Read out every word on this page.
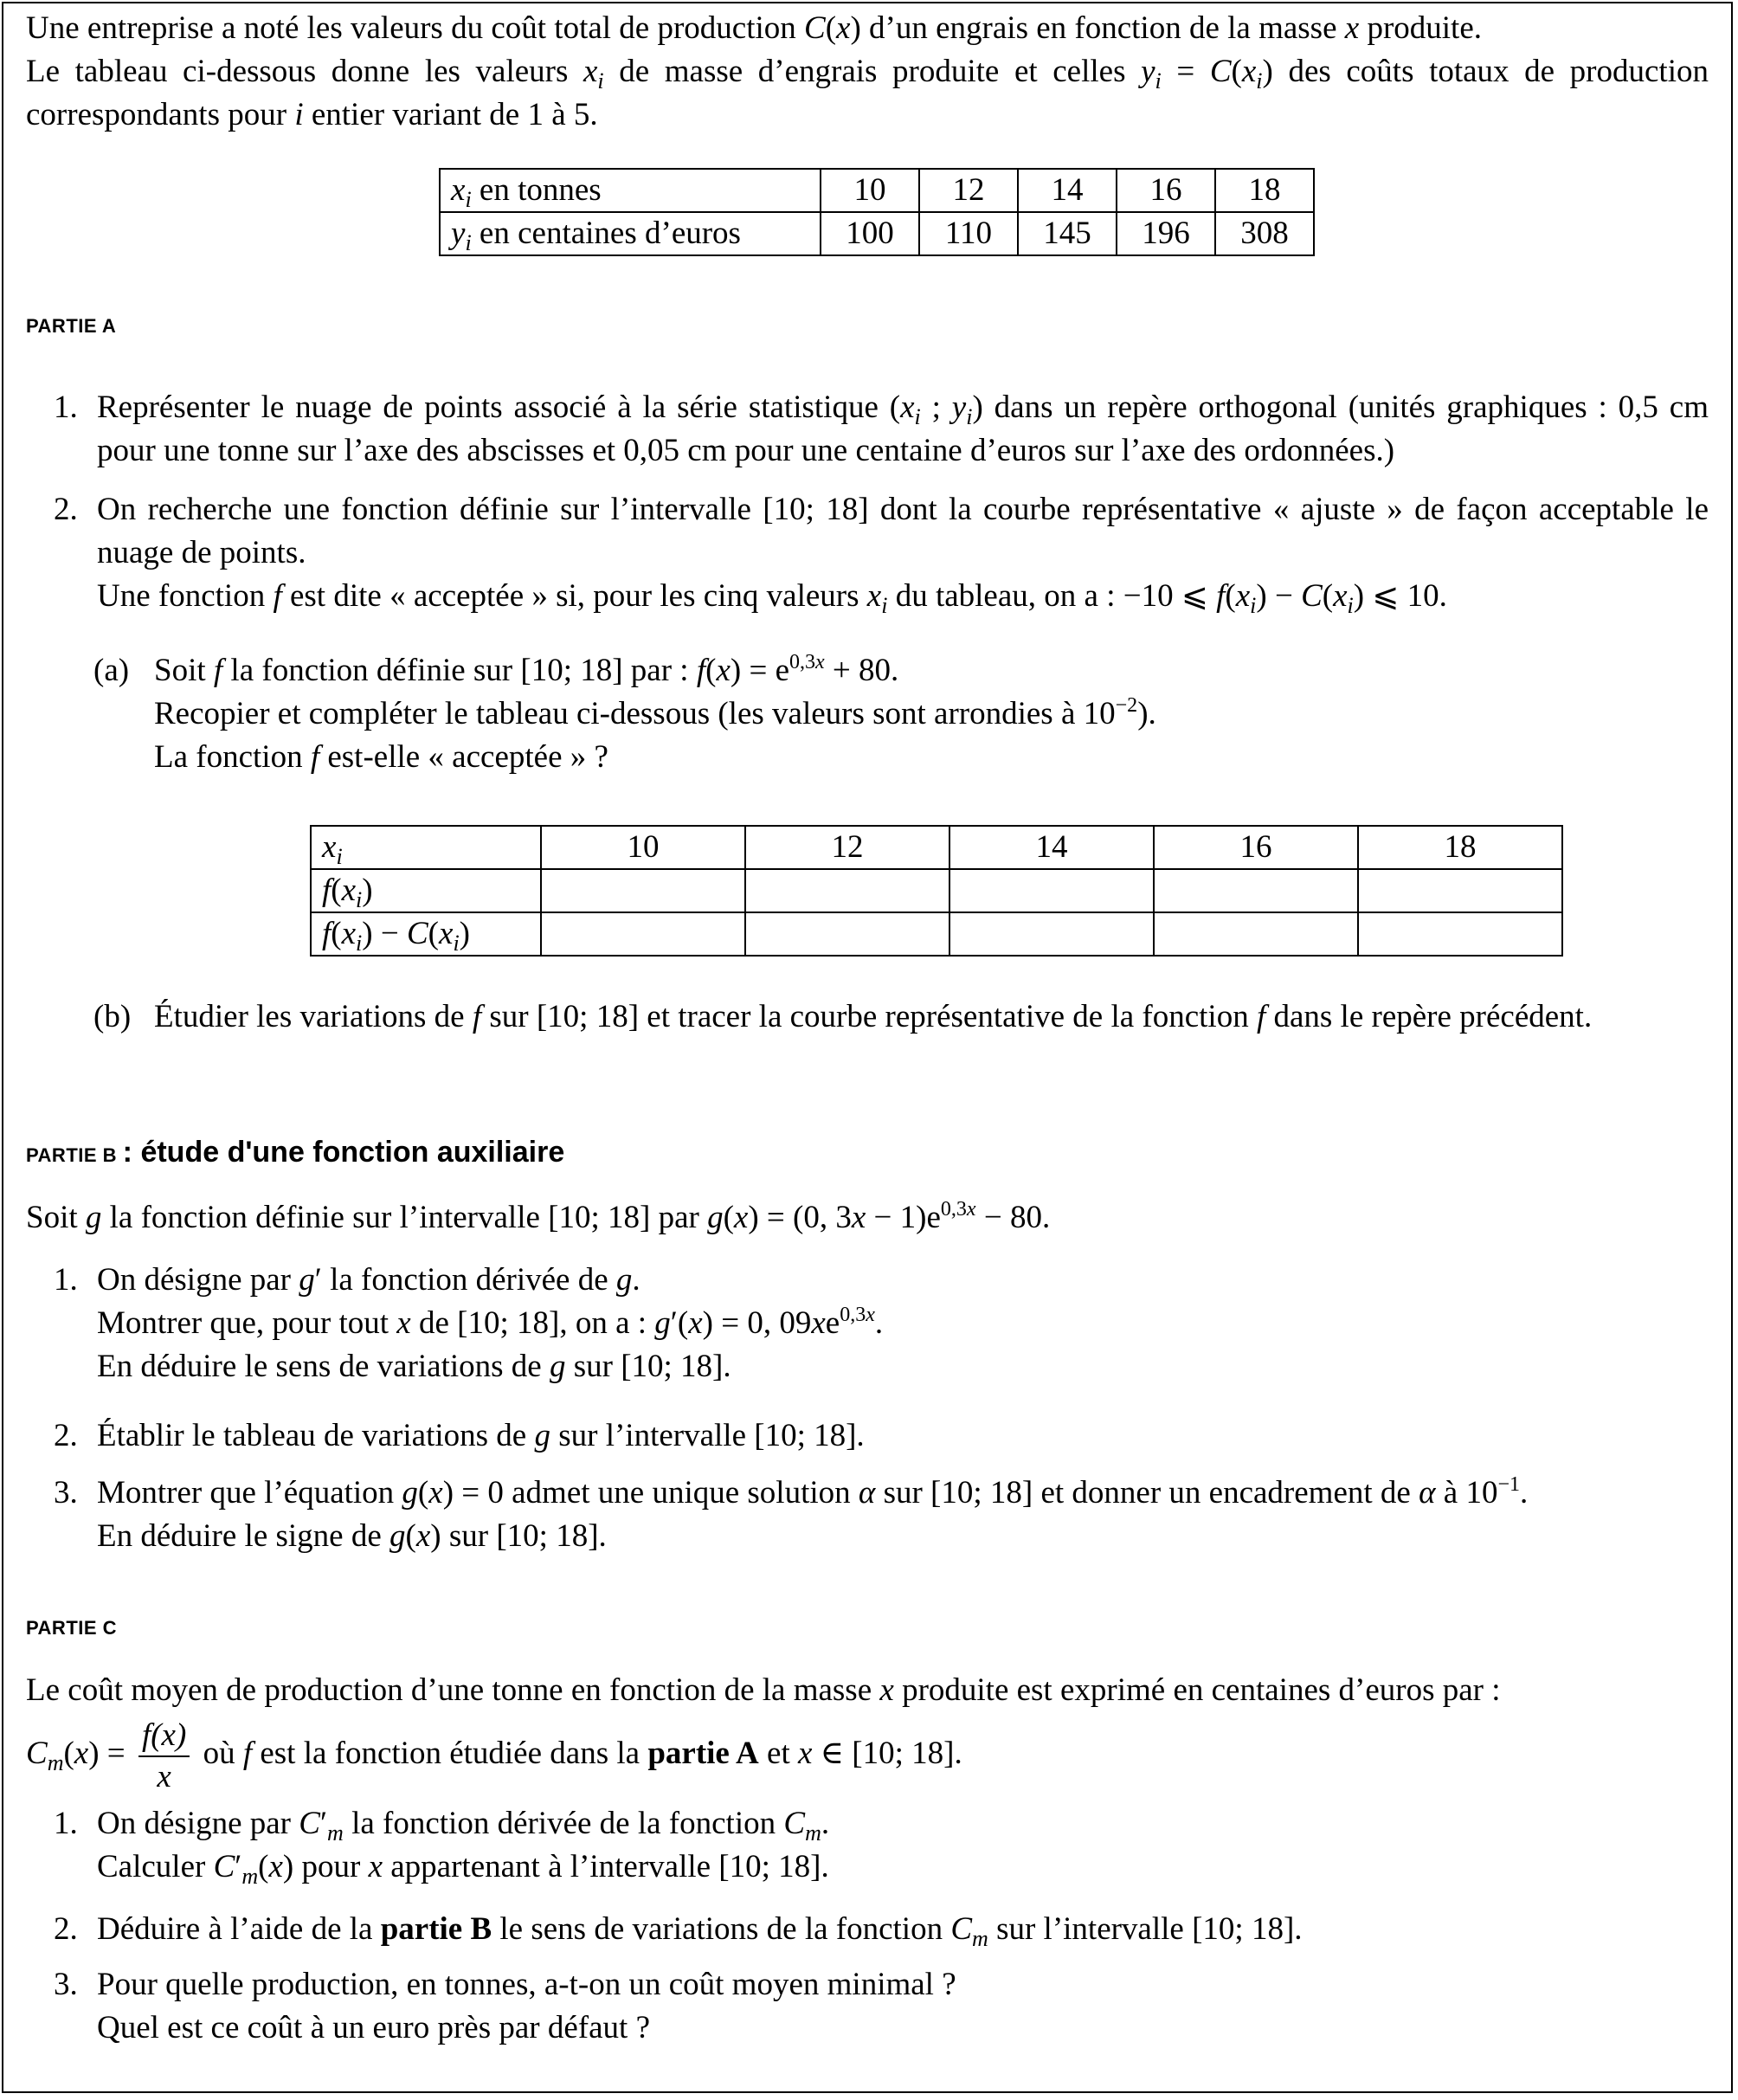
Une entreprise a noté les valeurs du coût total de production C(x) d’un engrais en fonction de la masse x produite.

Le tableau ci-dessous donne les valeurs $x_i$ de masse d’engrais produite et celles $y_i = C(x_i)$ des coûts totaux de production correspondants pour i entier variant de 1 à 5.

$x_i$ en tonnes	10	12	14	16	18
$y_i$ en centaines d’euros	100	110	145	196	308

PARTIE A

1. Représenter le nuage de points associé à la série statistique ($x_i$ ; $y_i$) dans un repère orthogonal (unités graphiques : 0,5 cm pour une tonne sur l’axe des abscisses et 0,05 cm pour une centaine d’euros sur l’axe des ordonnées.)
2. On recherche une fonction définie sur l’intervalle [10; 18] dont la courbe représentative « ajuste » de façon acceptable le nuage de points.
Une fonction f est dite « acceptée » si, pour les cinq valeurs $x_i$ du tableau, on a : −10 ⩽ $f(x_i) - C(x_i)$ ⩽ 10.
(a) Soit f la fonction définie sur [10; 18] par : $f(x) = e^{0,3x} + 80$.
Recopier et compléter le tableau ci-dessous (les valeurs sont arrondies à $10^{-2}$).
La fonction f est-elle « acceptée » ?
$x_i$	10	12	14	16	18
$f(x_i)$					
$f(x_i) - C(x_i)$					
(b) Étudier les variations de f sur [10; 18] et tracer la courbe représentative de la fonction f dans le repère précédent.

PARTIE B : étude d'une fonction auxiliaire

Soit g la fonction définie sur l’intervalle [10; 18] par g(x) = (0, $3x - 1)e^{0,3x} - 80$.

1. On désigne par g′ la fonction dérivée de g.
Montrer que, pour tout x de [10; 18], on a : g′(x) = 0, $09xe^{0,3x}$.
En déduire le sens de variations de g sur [10; 18].
2. Établir le tableau de variations de g sur l’intervalle [10; 18].
3. Montrer que l’équation g(x) = 0 admet une unique solution α sur [10; 18] et donner un encadrement de α à $10^{-1}$.
En déduire le signe de g(x) sur [10; 18].

PARTIE C

Le coût moyen de production d’une tonne en fonction de la masse x produite est exprimé en centaines d’euros par :

$C_m(x) = \frac{f(x)}{x}$ où f est la fonction étudiée dans la partie A et x ∈ [10; 18].
1. On désigne par $C'_m$ la fonction dérivée de la fonction $C_m$.
Calculer $C'_m(x)$ pour x appartenant à l’intervalle [10; 18].
2. Déduire à l’aide de la partie B le sens de variations de la fonction $C_m$ sur l’intervalle [10; 18].
3. Pour quelle production, en tonnes, a-t-on un coût moyen minimal ?
Quel est ce coût à un euro près par défaut ?
